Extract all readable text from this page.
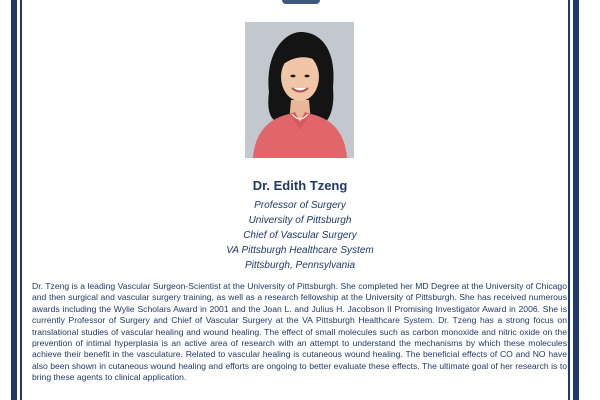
Dr. Edith Tzeng

Professor of Surgery

University of Pittsburgh

Chief of Vascular Surgery

VA Pittsburgh Healthcare System

Pittsburgh, Pennsylvania

Dr. Tzeng is a leading Vascular Surgeon-Scientist at the University of Pittsburgh. She completed her MD Degree at the University of Chicago and then surgical and vascular surgery training, as well as a research fellowship at the University of Pittsburgh. She has received numerous awards including the Wylie Scholars Award in 2001 and the Joan L. and Julius H. Jacobson II Promising Investigator Award in 2006. She is currently Professor of Surgery and Chief of Vascular Surgery at the VA Pittsburgh Healthcare System. Dr. Tzeng has a strong focus on translational studies of vascular healing and wound healing. The effect of small molecules such as carbon monoxide and nitric oxide on the prevention of intimal hyperplasia is an active area of research with an attempt to understand the mechanisms by which these molecules achieve their benefit in the vasculature. Related to vascular healing is cutaneous wound healing. The beneficial effects of CO and NO have also been shown in cutaneous wound healing and efforts are ongoing to better evaluate these effects. The ultimate goal of her research is to bring these agents to clinical application.
